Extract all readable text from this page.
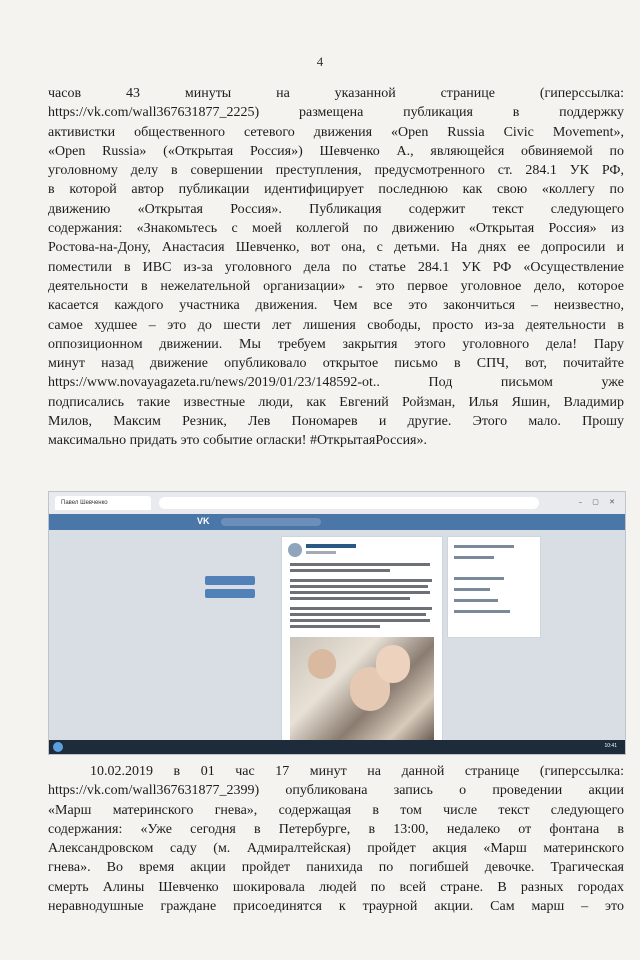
4
часов 43 минуты на указанной странице (гиперссылка:
https://vk.com/wall367631877_2225) размещена публикация в поддержку
активистки общественного сетевого движения «Open Russia Civic Movement»,
«Open Russia» («Открытая Россия») Шевченко А., являющейся обвиняемой по
уголовному делу в совершении преступления, предусмотренного ст. 284.1 УК РФ,
в которой автор публикации идентифицирует последнюю как свою «коллегу по
движению «Открытая Россия». Публикация содержит текст следующего
содержания: «Знакомьтесь с моей коллегой по движению «Открытая Россия» из
Ростова-на-Дону, Анастасия Шевченко, вот она, с детьми. На днях ее допросили и
поместили в ИВС из-за уголовного дела по статье 284.1 УК РФ «Осуществление
деятельности в нежелательной организации» - это первое уголовное дело, которое
касается каждого участника движения. Чем все это закончиться – неизвестно,
самое худшее – это до шести лет лишения свободы, просто из-за деятельности в
оппозиционном движении. Мы требуем закрытия этого уголовного дела! Пару
минут назад движение опубликовало открытое письмо в СПЧ, вот, почитайте
https://www.novayagazeta.ru/news/2019/01/23/148592-ot.. Под письмом уже
подписались такие известные люди, как Евгений Ройзман, Илья Яшин, Владимир
Милов, Максим Резник, Лев Пономарев и другие. Этого мало. Прошу
максимально придать это событие огласки! #ОткрытаяРоссия».
Павел Шевченко	– ▢ ✕
VK
10:41
10.02.2019 в 01 час 17 минут на данной странице (гиперссылка:
https://vk.com/wall367631877_2399) опубликована запись о проведении акции
«Марш материнского гнева», содержащая в том числе текст следующего
содержания: «Уже сегодня в Петербурге, в 13:00, недалеко от фонтана в
Александровском саду (м. Адмиралтейская) пройдет акция «Марш материнского
гнева». Во время акции пройдет панихида по погибшей девочке. Трагическая
смерть Алины Шевченко шокировала людей по всей стране. В разных городах
неравнодушные граждане присоединятся к траурной акции. Сам марш – это
